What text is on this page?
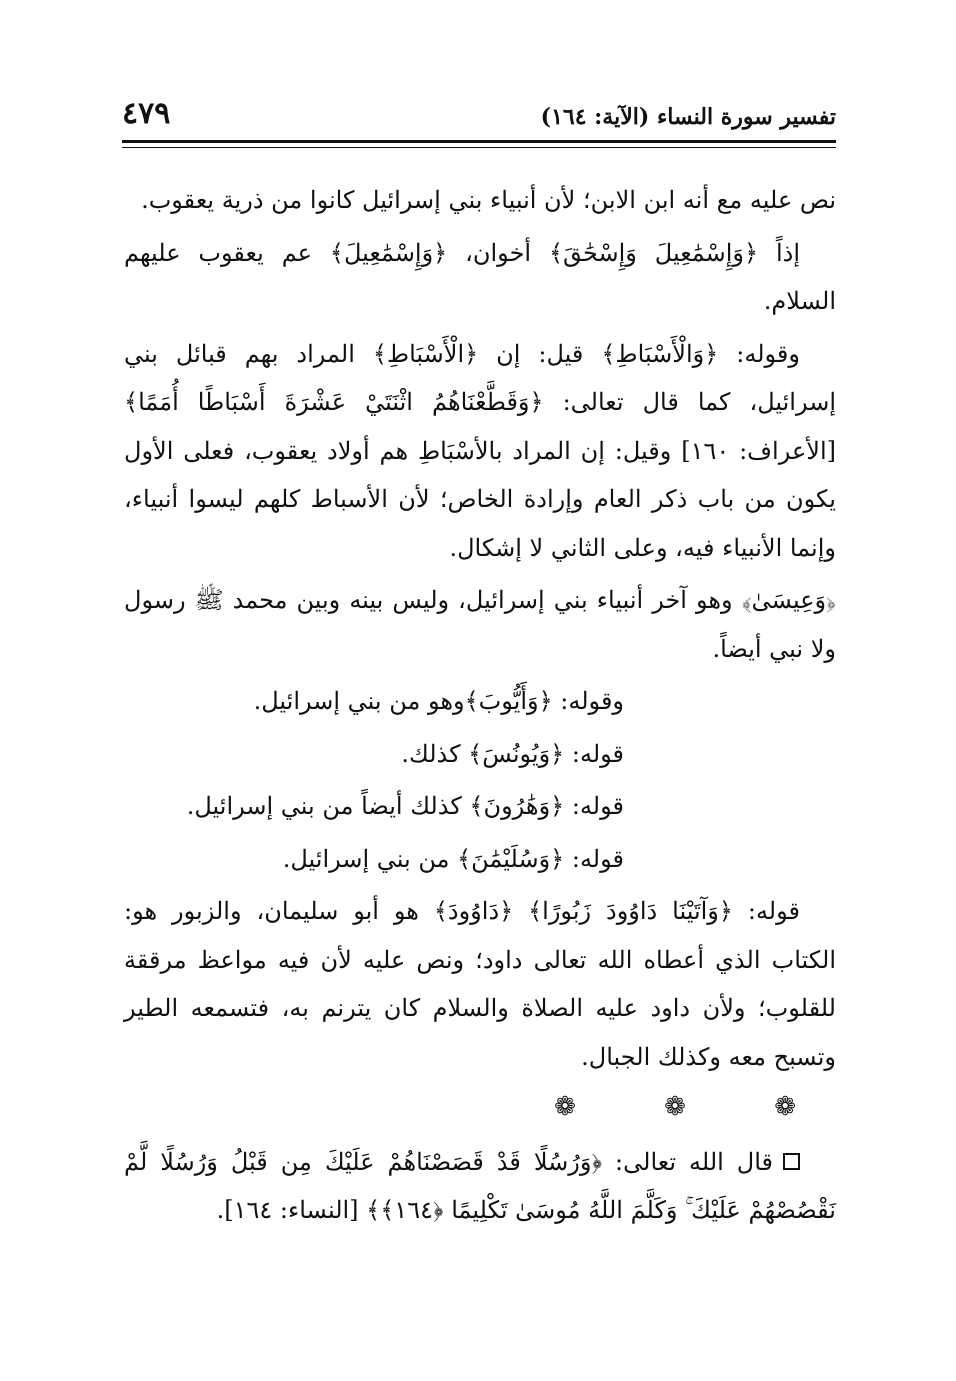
تفسير سورة النساء (الآية: ١٦٤)
٤٧٩

نص عليه مع أنه ابن الابن؛ لأن أنبياء بني إسرائيل كانوا من ذرية يعقوب.

إذاً ﴿وَإِسْمَٰعِيلَ وَإِسْحَٰقَ﴾ أخوان، ﴿وَإِسْمَٰعِيلَ﴾ عم يعقوب عليهم السلام.

وقوله: ﴿وَالْأَسْبَاطِ﴾ قيل: إن ﴿الْأَسْبَاطِ﴾ المراد بهم قبائل بني إسرائيل، كما قال تعالى: ﴿وَقَطَّعْنَاهُمُ اثْنَتَيْ عَشْرَةَ أَسْبَاطًا أُمَمًا﴾ [الأعراف: ١٦٠] وقيل: إن المراد بالأسْبَاطِ هم أولاد يعقوب، فعلى الأول يكون من باب ذكر العام وإرادة الخاص؛ لأن الأسباط كلهم ليسوا أنبياء، وإنما الأنبياء فيه، وعلى الثاني لا إشكال.

﴿وَعِيسَىٰ﴾ وهو آخر أنبياء بني إسرائيل، وليس بينه وبين محمد ﷺ رسول ولا نبي أيضاً.

وقوله: ﴿وَأَيُّوبَ﴾وهو من بني إسرائيل.

قوله: ﴿وَيُونُسَ﴾ كذلك.

قوله: ﴿وَهَٰرُونَ﴾ كذلك أيضاً من بني إسرائيل.

قوله: ﴿وَسُلَيْمَٰنَ﴾ من بني إسرائيل.

قوله: ﴿وَآتَيْنَا دَاوُودَ زَبُورًا﴾ ﴿دَاوُودَ﴾ هو أبو سليمان، والزبور هو: الكتاب الذي أعطاه الله تعالى داود؛ ونص عليه لأن فيه مواعظ مرققة للقلوب؛ ولأن داود عليه الصلاة والسلام كان يترنم به، فتسمعه الطير وتسبح معه وكذلك الجبال.

❁ ❁ ❁

قال الله تعالى: ﴿وَرُسُلًا قَدْ قَصَصْنَاهُمْ عَلَيْكَ مِن قَبْلُ وَرُسُلًا لَّمْ نَقْصُصْهُمْ عَلَيْكَ ۚ وَكَلَّمَ اللَّهُ مُوسَىٰ تَكْلِيمًا ﴿١٦٤﴾﴾ [النساء: ١٦٤].
